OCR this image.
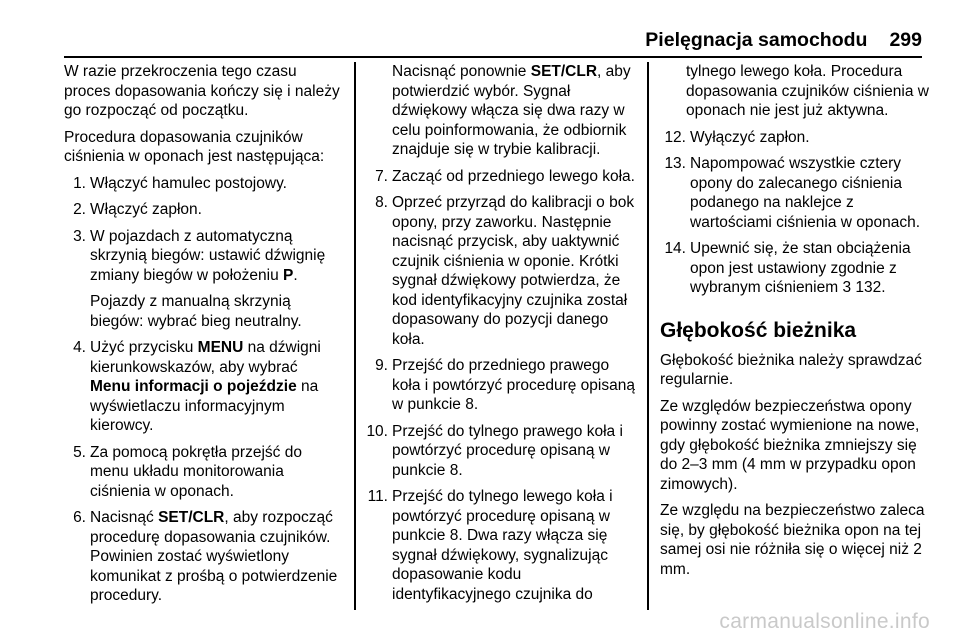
Pielęgnacja samochodu 299

W razie przekroczenia tego czasu proces dopasowania kończy się i należy go rozpocząć od początku.

Procedura dopasowania czujników ciśnienia w oponach jest następująca:

1. Włączyć hamulec postojowy.
2. Włączyć zapłon.
3. W pojazdach z automatyczną skrzynią biegów: ustawić dźwignię zmiany biegów w położeniu P.

Pojazdy z manualną skrzynią biegów: wybrać bieg neutralny.

4. Użyć przycisku MENU na dźwigni kierunkowskazów, aby wybrać Menu informacji o pojeździe na wyświetlaczu informacyjnym kierowcy.
5. Za pomocą pokrętła przejść do menu układu monitorowania ciśnienia w oponach.
6. Nacisnąć SET/CLR, aby rozpocząć procedurę dopasowania czujników. Powinien zostać wyświetlony komunikat z prośbą o potwierdzenie procedury.

Nacisnąć ponownie SET/CLR, aby potwierdzić wybór. Sygnał dźwiękowy włącza się dwa razy w celu poinformowania, że odbiornik znajduje się w trybie kalibracji.

7. Zacząć od przedniego lewego koła.
8. Oprzeć przyrząd do kalibracji o bok opony, przy zaworku. Następnie nacisnąć przycisk, aby uaktywnić czujnik ciśnienia w oponie. Krótki sygnał dźwiękowy potwierdza, że kod identyfikacyjny czujnika został dopasowany do pozycji danego koła.
9. Przejść do przedniego prawego koła i powtórzyć procedurę opisaną w punkcie 8.
10. Przejść do tylnego prawego koła i powtórzyć procedurę opisaną w punkcie 8.
11. Przejść do tylnego lewego koła i powtórzyć procedurę opisaną w punkcie 8. Dwa razy włącza się sygnał dźwiękowy, sygnalizując dopasowanie kodu identyfikacyjnego czujnika do

tylnego lewego koła. Procedura dopasowania czujników ciśnienia w oponach nie jest już aktywna.

12. Wyłączyć zapłon.
13. Napompować wszystkie cztery opony do zalecanego ciśnienia podanego na naklejce z wartościami ciśnienia w oponach.
14. Upewnić się, że stan obciążenia opon jest ustawiony zgodnie z wybranym ciśnieniem 3 132.
Głębokość bieżnika

Głębokość bieżnika należy sprawdzać regularnie.

Ze względów bezpieczeństwa opony powinny zostać wymienione na nowe, gdy głębokość bieżnika zmniejszy się do 2–3 mm (4 mm w przypadku opon zimowych).

Ze względu na bezpieczeństwo zaleca się, by głębokość bieżnika opon na tej samej osi nie różniła się o więcej niż 2 mm.

carmanualsonline.info
